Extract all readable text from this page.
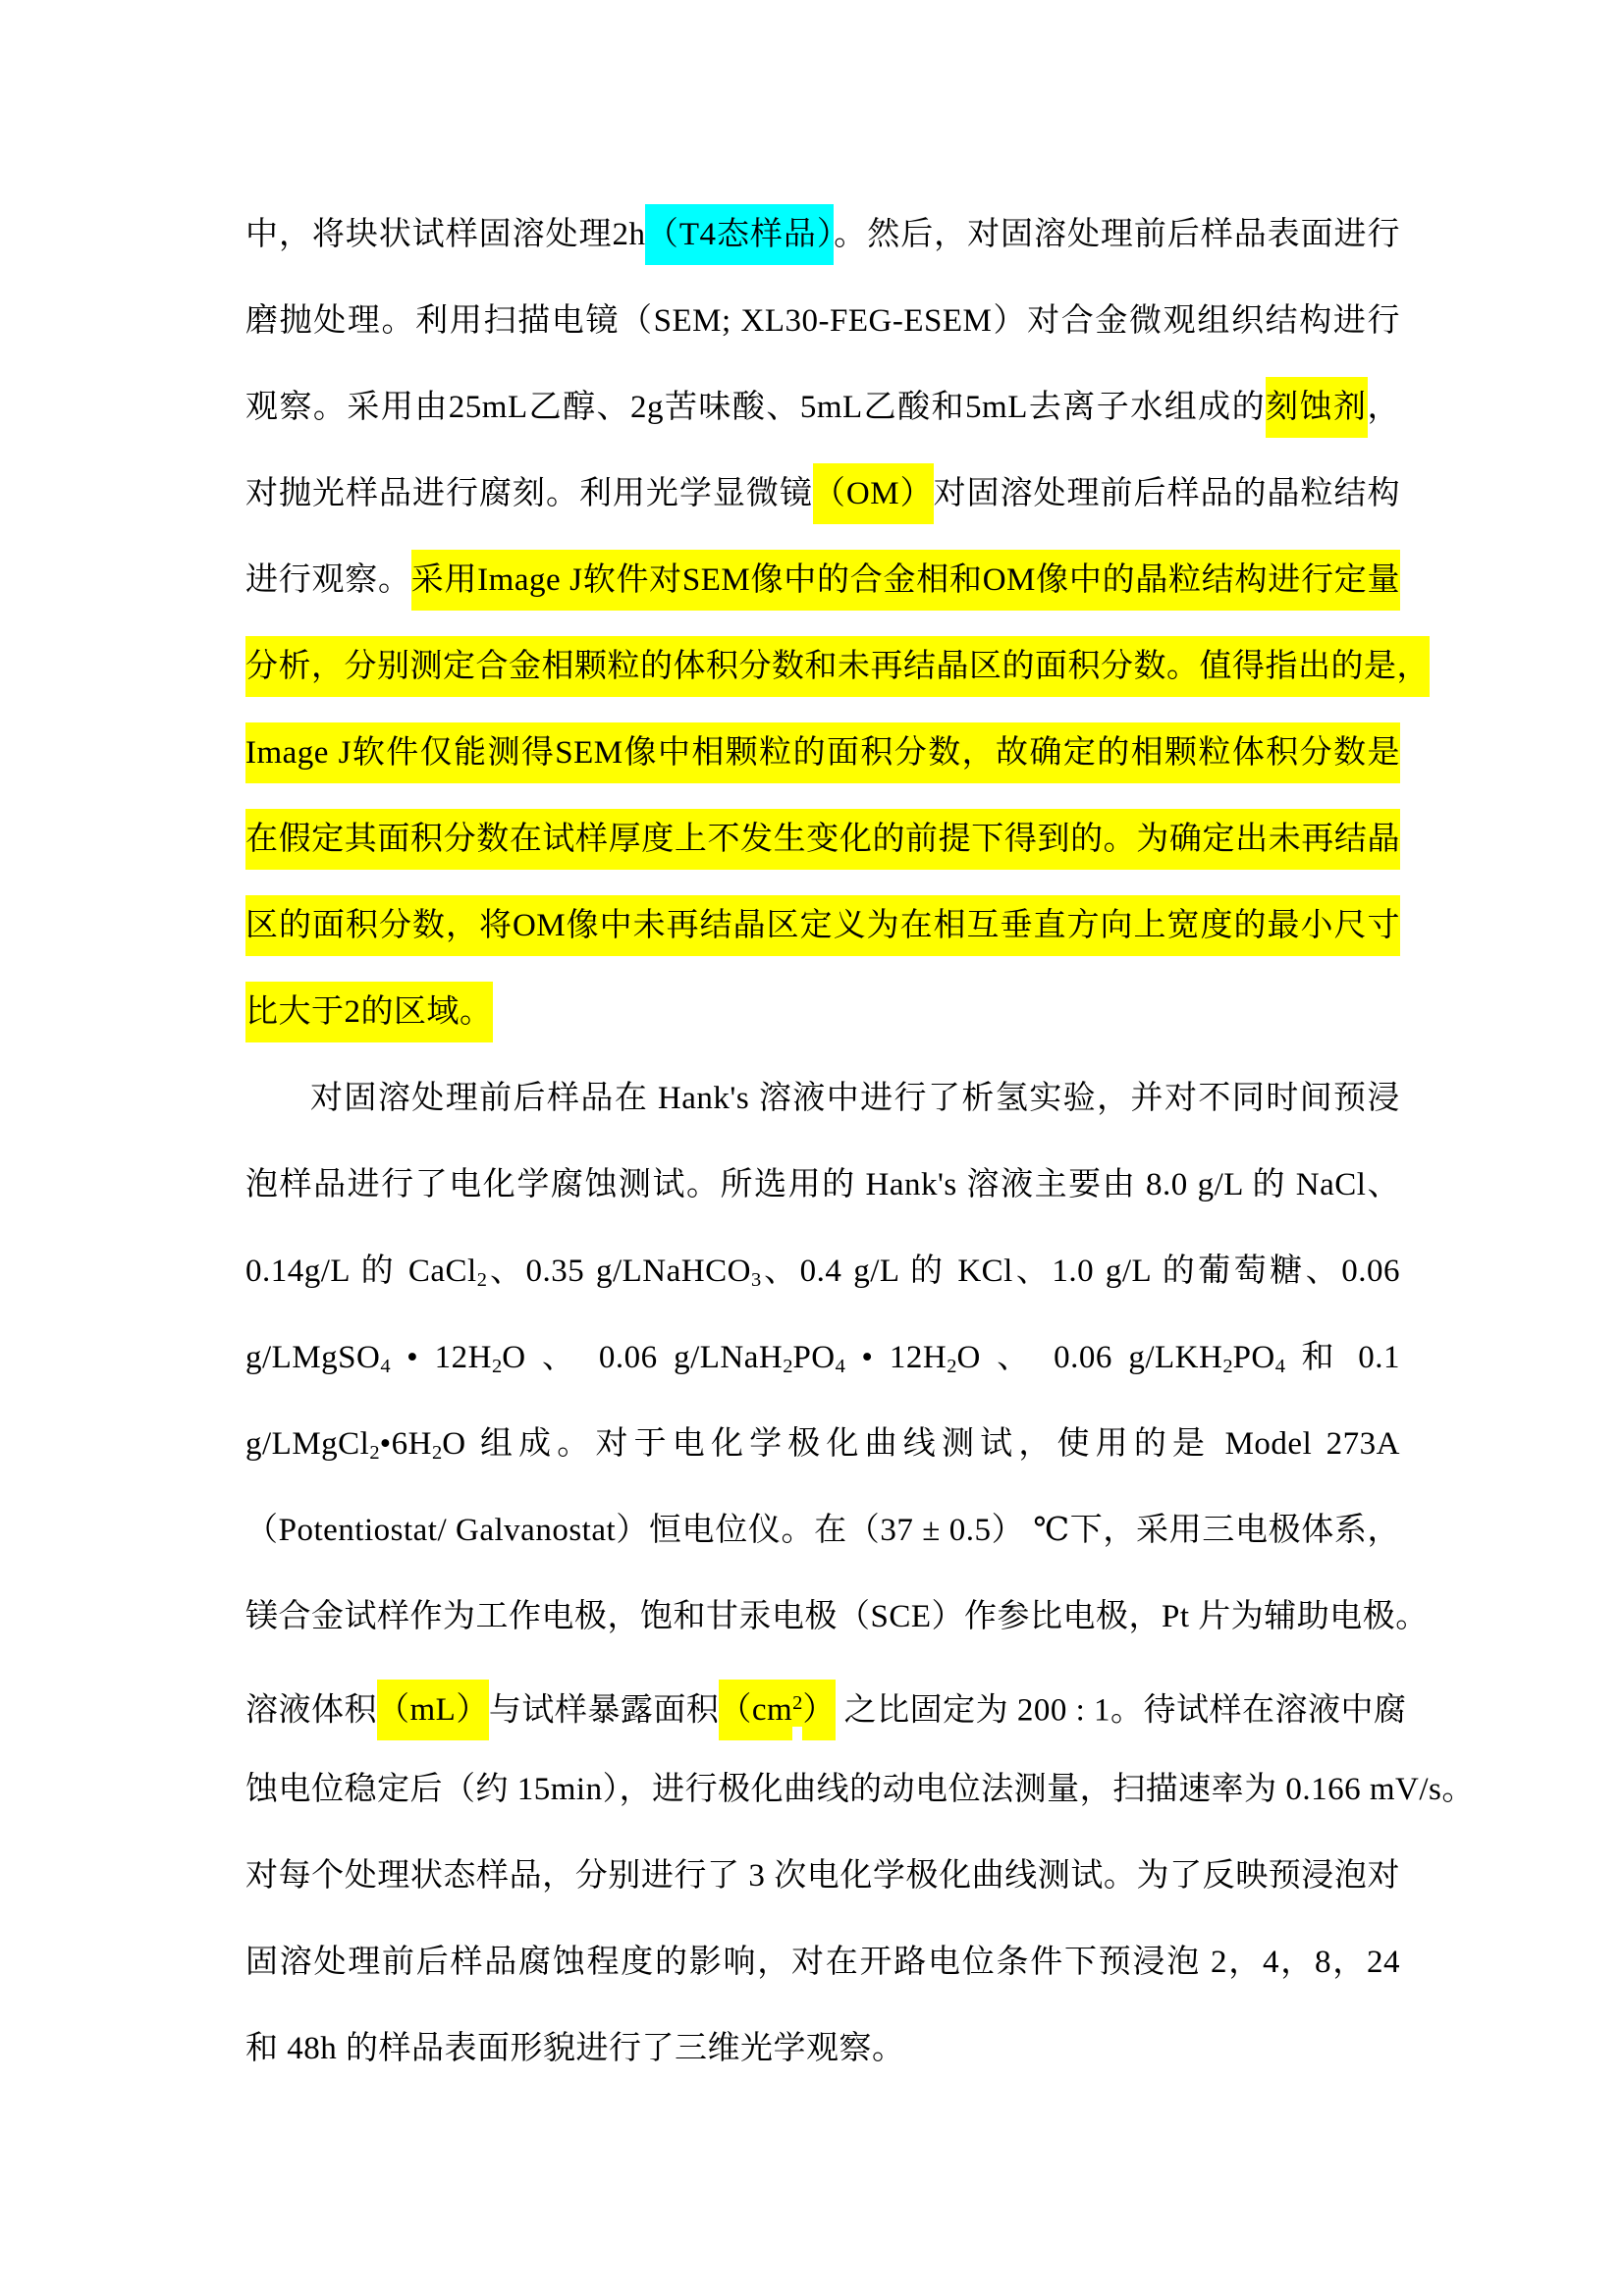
中，将块状试样固溶处理2h（T4态样品）。然后，对固溶处理前后样品表面进行
磨抛处理。利用扫描电镜（SEM; XL30-FEG-ESEM）对合金微观组织结构进行
观察。采用由25mL乙醇、2g苦味酸、5mL乙酸和5mL去离子水组成的刻蚀剂，
对抛光样品进行腐刻。利用光学显微镜（OM）对固溶处理前后样品的晶粒结构
进行观察。采用Image J软件对SEM像中的合金相和OM像中的晶粒结构进行定量
分析，分别测定合金相颗粒的体积分数和未再结晶区的面积分数。值得指出的是，
Image J软件仅能测得SEM像中相颗粒的面积分数，故确定的相颗粒体积分数是
在假定其面积分数在试样厚度上不发生变化的前提下得到的。为确定出未再结晶
区的面积分数，将OM像中未再结晶区定义为在相互垂直方向上宽度的最小尺寸
比大于2的区域。
对固溶处理前后样品在 Hank's 溶液中进行了析氢实验，并对不同时间预浸
泡样品进行了电化学腐蚀测试。所选用的 Hank's 溶液主要由 8.0 g/L 的 NaCl、
0.14g/L 的 CaCl$_2$、0.35 g/LNaHCO$_3$、0.4 g/L 的 KCl、1.0 g/L 的葡萄糖、0.06
g/LMgSO$_4$ • $12H_2O$ 、 0.06 $g/LNaH_2PO_4$ • $12H_2O$ 、 0.06 $g/LKH_2PO_4$ 和 0.1
$g/LMgCl_2•6H_2O$ 组成。对于电化学极化曲线测试，使用的是 Model 273A
（Potentiostat/ Galvanostat）恒电位仪。在（37 ± 0.5） ℃下，采用三电极体系，
镁合金试样作为工作电极，饱和甘汞电极（SCE）作参比电极，Pt 片为辅助电极。
溶液体积（mL）与试样暴露面积$(cm^2)$ 之比固定为 200 : 1。待试样在溶液中腐
蚀电位稳定后（约 15min），进行极化曲线的动电位法测量，扫描速率为 0.166 mV/s。
对每个处理状态样品，分别进行了 3 次电化学极化曲线测试。为了反映预浸泡对
固溶处理前后样品腐蚀程度的影响，对在开路电位条件下预浸泡 2，4，8，24
和 48h 的样品表面形貌进行了三维光学观察。
